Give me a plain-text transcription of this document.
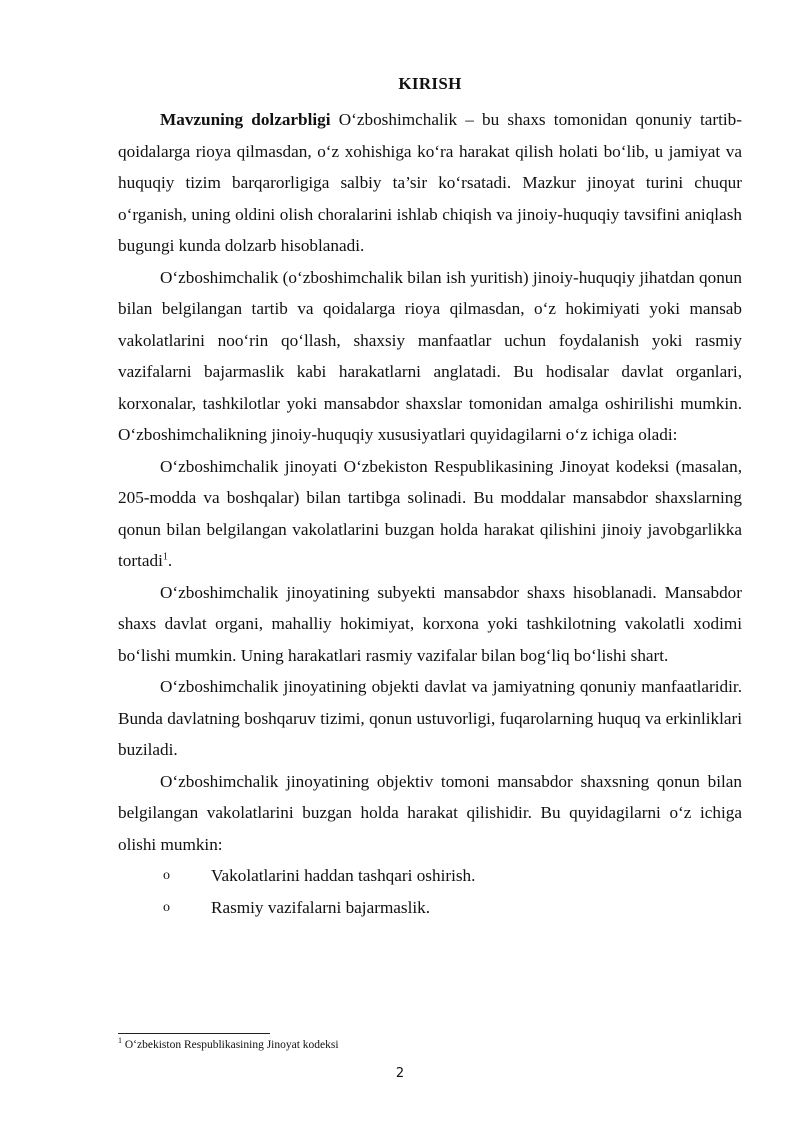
KIRISH

Mavzuning dolzarbligi O‘zboshimchalik – bu shaxs tomonidan qonuniy tartib-qoidalarga rioya qilmasdan, o‘z xohishiga ko‘ra harakat qilish holati bo‘lib, u jamiyat va huquqiy tizim barqarorligiga salbiy ta’sir ko‘rsatadi. Mazkur jinoyat turini chuqur o‘rganish, uning oldini olish choralarini ishlab chiqish va jinoiy-huquqiy tavsifini aniqlash bugungi kunda dolzarb hisoblanadi.

O‘zboshimchalik (o‘zboshimchalik bilan ish yuritish) jinoiy-huquqiy jihatdan qonun bilan belgilangan tartib va qoidalarga rioya qilmasdan, o‘z hokimiyati yoki mansab vakolatlarini noo‘rin qo‘llash, shaxsiy manfaatlar uchun foydalanish yoki rasmiy vazifalarni bajarmaslik kabi harakatlarni anglatadi. Bu hodisalar davlat organlari, korxonalar, tashkilotlar yoki mansabdor shaxslar tomonidan amalga oshirilishi mumkin. O‘zboshimchalikning jinoiy-huquqiy xususiyatlari quyidagilarni o‘z ichiga oladi:

O‘zboshimchalik jinoyati O‘zbekiston Respublikasining Jinoyat kodeksi (masalan, 205-modda va boshqalar) bilan tartibga solinadi. Bu moddalar mansabdor shaxslarning qonun bilan belgilangan vakolatlarini buzgan holda harakat qilishini jinoiy javobgarlikka tortadi$^1$.

O‘zboshimchalik jinoyatining subyekti mansabdor shaxs hisoblanadi. Mansabdor shaxs davlat organi, mahalliy hokimiyat, korxona yoki tashkilotning vakolatli xodimi bo‘lishi mumkin. Uning harakatlari rasmiy vazifalar bilan bog‘liq bo‘lishi shart.

O‘zboshimchalik jinoyatining objekti davlat va jamiyatning qonuniy manfaatlaridir. Bunda davlatning boshqaruv tizimi, qonun ustuvorligi, fuqarolarning huquq va erkinliklari buziladi.

O‘zboshimchalik jinoyatining objektiv tomoni mansabdor shaxsning qonun bilan belgilangan vakolatlarini buzgan holda harakat qilishidir. Bu quyidagilarni o‘z ichiga olishi mumkin:

o Vakolatlarini haddan tashqari oshirish.
o Rasmiy vazifalarni bajarmaslik.
$^1$ O‘zbekiston Respublikasining Jinoyat kodeksi
2
